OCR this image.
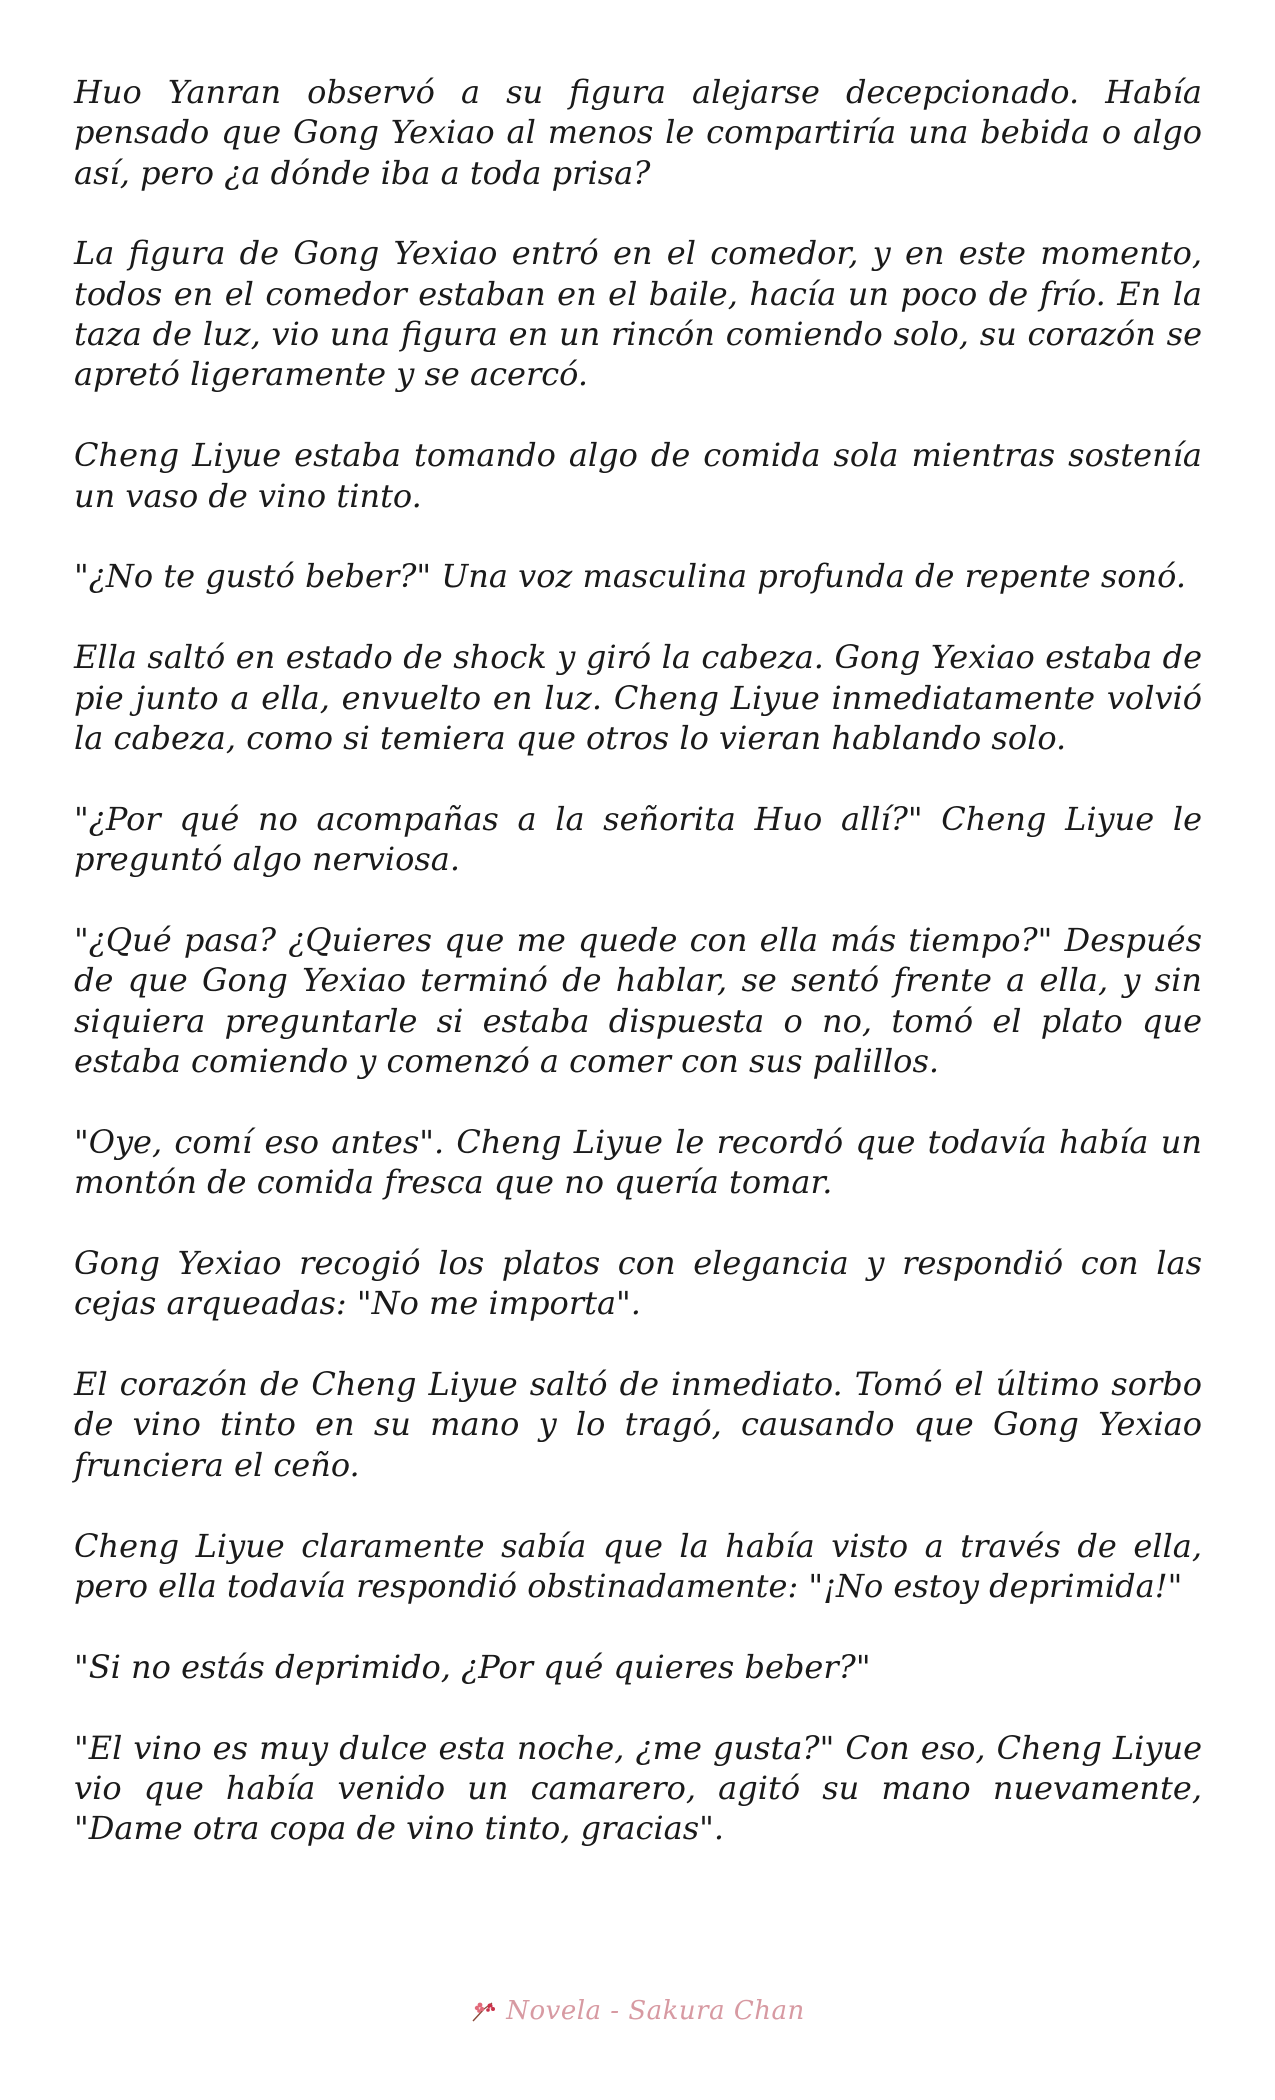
Huo Yanran observó a su figura alejarse decepcionado. Había pensado que Gong Yexiao al menos le compartiría una bebida o algo así, pero ¿a dónde iba a toda prisa?

La figura de Gong Yexiao entró en el comedor, y en este momento, todos en el comedor estaban en el baile, hacía un poco de frío. En la taza de luz, vio una figura en un rincón comiendo solo, su corazón se apretó ligeramente y se acercó.

Cheng Liyue estaba tomando algo de comida sola mientras sostenía un vaso de vino tinto.

"¿No te gustó beber?" Una voz masculina profunda de repente sonó.

Ella saltó en estado de shock y giró la cabeza. Gong Yexiao estaba de pie junto a ella, envuelto en luz. Cheng Liyue inmediatamente volvió la cabeza, como si temiera que otros lo vieran hablando solo.

"¿Por qué no acompañas a la señorita Huo allí?" Cheng Liyue le preguntó algo nerviosa.

"¿Qué pasa? ¿Quieres que me quede con ella más tiempo?" Después de que Gong Yexiao terminó de hablar, se sentó frente a ella, y sin siquiera preguntarle si estaba dispuesta o no, tomó el plato que estaba comiendo y comenzó a comer con sus palillos.

"Oye, comí eso antes". Cheng Liyue le recordó que todavía había un montón de comida fresca que no quería tomar.

Gong Yexiao recogió los platos con elegancia y respondió con las cejas arqueadas: "No me importa".

El corazón de Cheng Liyue saltó de inmediato. Tomó el último sorbo de vino tinto en su mano y lo tragó, causando que Gong Yexiao frunciera el ceño.

Cheng Liyue claramente sabía que la había visto a través de ella, pero ella todavía respondió obstinadamente: "¡No estoy deprimida!"

"Si no estás deprimido, ¿Por qué quieres beber?"

"El vino es muy dulce esta noche, ¿me gusta?" Con eso, Cheng Liyue vio que había venido un camarero, agitó su mano nuevamente, "Dame otra copa de vino tinto, gracias".

Novela - Sakura Chan
